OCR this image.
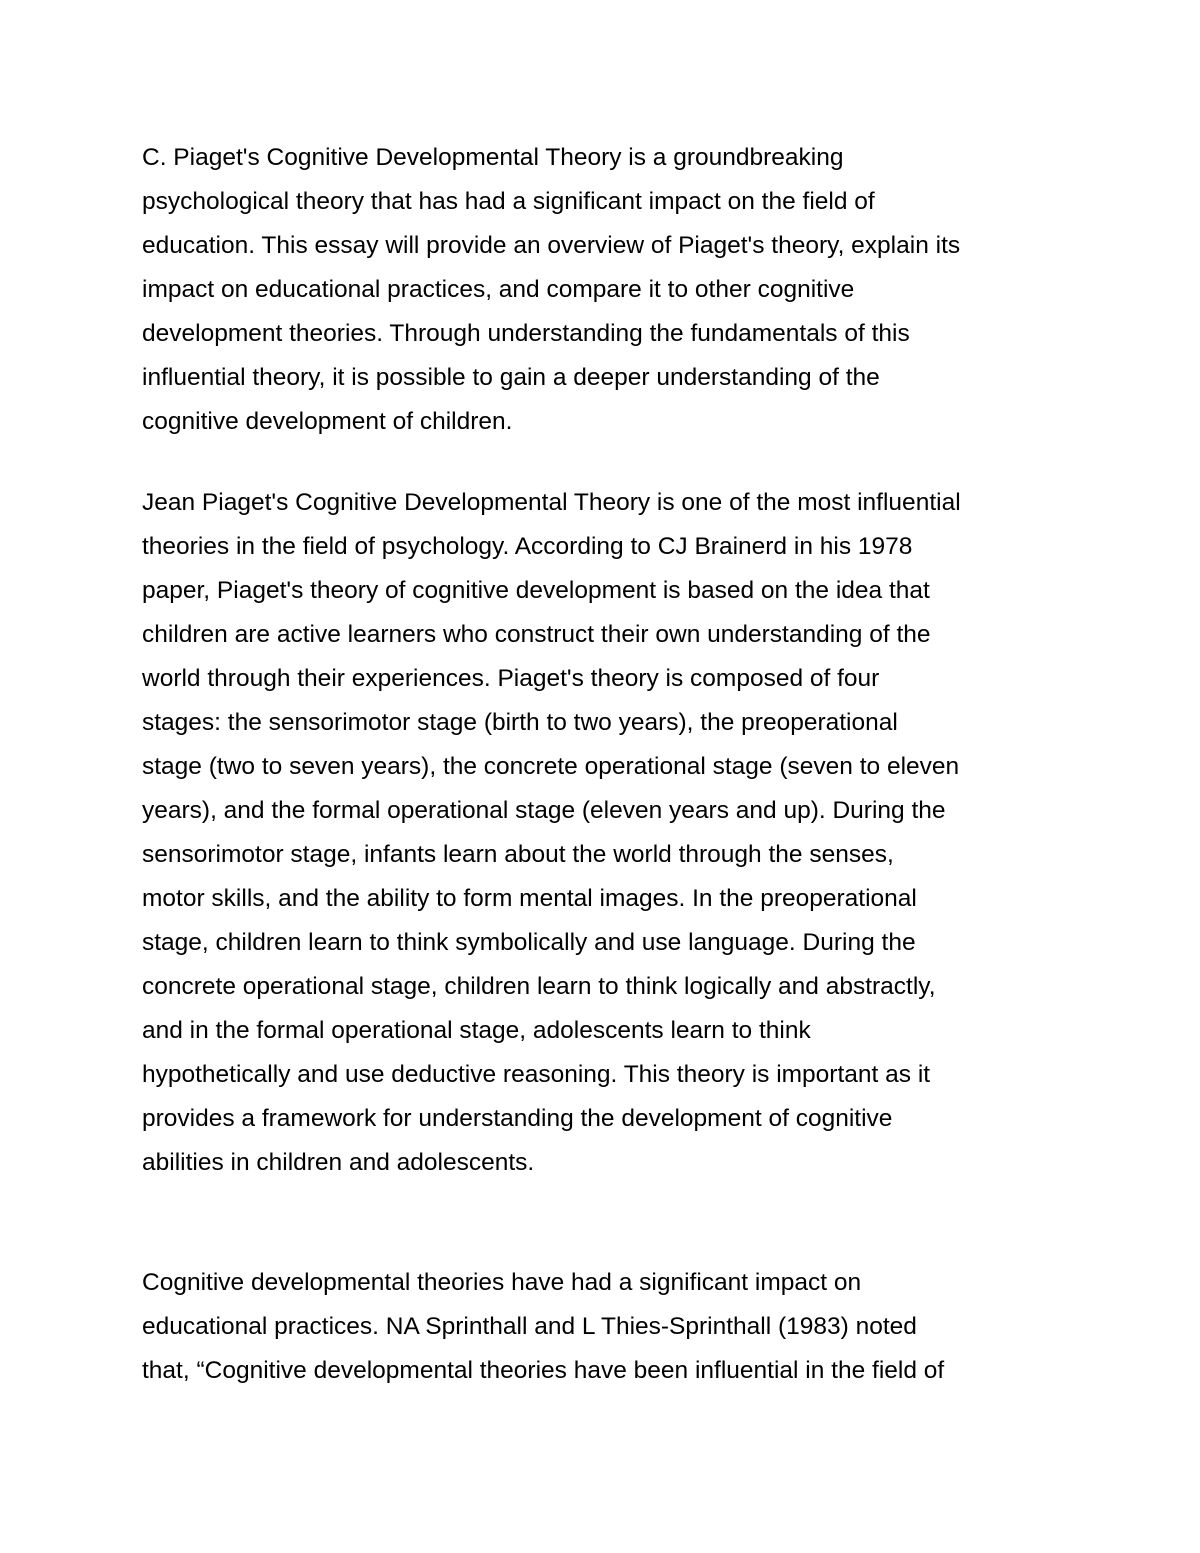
C. Piaget's Cognitive Developmental Theory is a groundbreaking
psychological theory that has had a significant impact on the field of
education. This essay will provide an overview of Piaget's theory, explain its
impact on educational practices, and compare it to other cognitive
development theories. Through understanding the fundamentals of this
influential theory, it is possible to gain a deeper understanding of the
cognitive development of children.

Jean Piaget's Cognitive Developmental Theory is one of the most influential
theories in the field of psychology. According to CJ Brainerd in his 1978
paper, Piaget's theory of cognitive development is based on the idea that
children are active learners who construct their own understanding of the
world through their experiences. Piaget's theory is composed of four
stages: the sensorimotor stage (birth to two years), the preoperational
stage (two to seven years), the concrete operational stage (seven to eleven
years), and the formal operational stage (eleven years and up). During the
sensorimotor stage, infants learn about the world through the senses,
motor skills, and the ability to form mental images. In the preoperational
stage, children learn to think symbolically and use language. During the
concrete operational stage, children learn to think logically and abstractly,
and in the formal operational stage, adolescents learn to think
hypothetically and use deductive reasoning. This theory is important as it
provides a framework for understanding the development of cognitive
abilities in children and adolescents.

Cognitive developmental theories have had a significant impact on
educational practices. NA Sprinthall and L Thies-Sprinthall (1983) noted
that, “Cognitive developmental theories have been influential in the field of
